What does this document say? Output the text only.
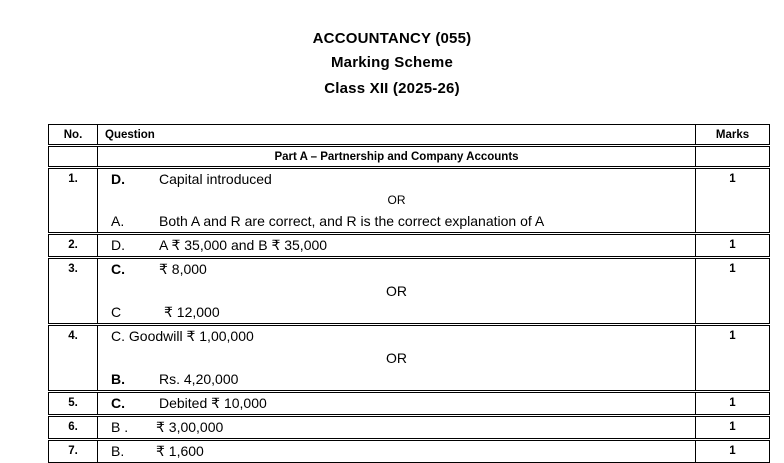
ACCOUNTANCY (055)
Marking Scheme
Class XII (2025-26)
No.	Question	Marks
	Part A – Partnership and Company Accounts	
1.	D. Capital introduced
OR
A. Both A and R are correct, and R is the correct explanation of A	1
2.	D. A ₹ 35,000 and B ₹ 35,000	1
3.	C. ₹ 8,000
OR
C ₹ 12,000	1
4.	C. Goodwill ₹ 1,00,000
OR
B. Rs. 4,20,000	1
5.	C. Debited ₹ 10,000	1
6.	B . ₹ 3,00,000	1
7.	B. ₹ 1,600	1
